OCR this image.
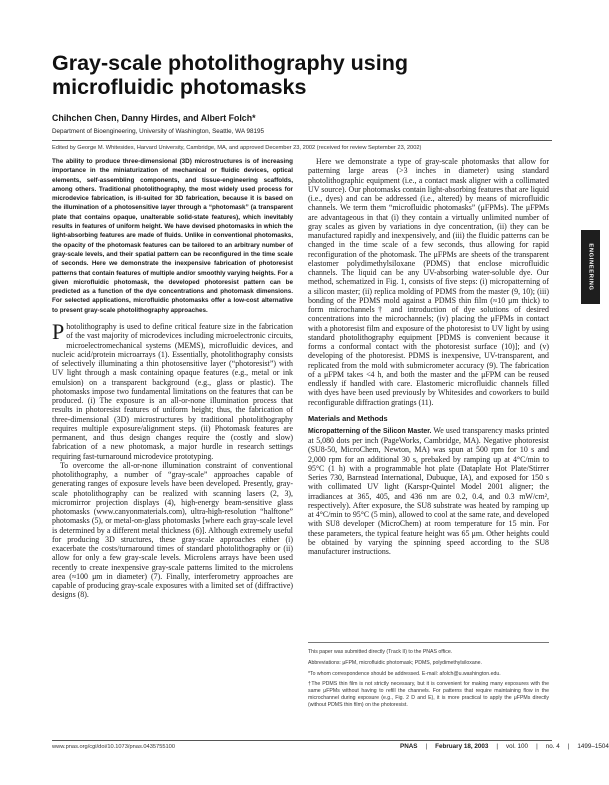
Gray-scale photolithography using microfluidic photomasks
Chihchen Chen, Danny Hirdes, and Albert Folch*
Department of Bioengineering, University of Washington, Seattle, WA 98195
Edited by George M. Whitesides, Harvard University, Cambridge, MA, and approved December 23, 2002 (received for review September 23, 2002)

The ability to produce three-dimensional (3D) microstructures is of increasing importance in the miniaturization of mechanical or fluidic devices, optical elements, self-assembling components, and tissue-engineering scaffolds, among others. Traditional photolithography, the most widely used process for microdevice fabrication, is ill-suited for 3D fabrication, because it is based on the illumination of a photosensitive layer through a “photomask” (a transparent plate that contains opaque, unalterable solid-state features), which inevitably results in features of uniform height. We have devised photomasks in which the light-absorbing features are made of fluids. Unlike in conventional photomasks, the opacity of the photomask features can be tailored to an arbitrary number of gray-scale levels, and their spatial pattern can be reconfigured in the time scale of seconds. Here we demonstrate the inexpensive fabrication of photoresist patterns that contain features of multiple and/or smoothly varying heights. For a given microfluidic photomask, the developed photoresist pattern can be predicted as a function of the dye concentrations and photomask dimensions. For selected applications, microfluidic photomasks offer a low-cost alternative to present gray-scale photolithography approaches.

Photolithography is used to define critical feature size in the fabrication of the vast majority of microdevices including microelectronic circuits, microelectromechanical systems (MEMS), microfluidic devices, and nucleic acid/protein microarrays (1). Essentially, photolithography consists of selectively illuminating a thin photosensitive layer (“photoresist”) with UV light through a mask containing opaque features (e.g., metal or ink emulsion) on a transparent background (e.g., glass or plastic). The photomasks impose two fundamental limitations on the features that can be produced. (i) The exposure is an all-or-none illumination process that results in photoresist features of uniform height; thus, the fabrication of three-dimensional (3D) microstructures by traditional photolithography requires multiple exposure/alignment steps. (ii) Photomask features are permanent, and thus design changes require the (costly and slow) fabrication of a new photomask, a major hurdle in research settings requiring fast-turnaround microdevice prototyping.

To overcome the all-or-none illumination constraint of conventional photolithography, a number of “gray-scale” approaches capable of generating ranges of exposure levels have been developed. Presently, gray-scale photolithography can be realized with scanning lasers (2, 3), micromirror projection displays (4), high-energy beam-sensitive glass photomasks (www.canyonmaterials.com), ultra-high-resolution “halftone” photomasks (5), or metal-on-glass photomasks [where each gray-scale level is determined by a different metal thickness (6)]. Although extremely useful for producing 3D structures, these gray-scale approaches either (i) exacerbate the costs/turnaround times of standard photolithography or (ii) allow for only a few gray-scale levels. Microlens arrays have been used recently to create inexpensive gray-scale patterns limited to the microlens area (≈100 μm in diameter) (7). Finally, interferometry approaches are capable of producing gray-scale exposures with a limited set of (diffractive) designs (8).

Here we demonstrate a type of gray-scale photomasks that allow for patterning large areas (>3 inches in diameter) using standard photolithographic equipment (i.e., a contact mask aligner with a collimated UV source). Our photomasks contain light-absorbing features that are liquid (i.e., dyes) and can be addressed (i.e., altered) by means of microfluidic channels. We term them “microfluidic photomasks” (μFPMs). The μFPMs are advantageous in that (i) they contain a virtually unlimited number of gray scales as given by variations in dye concentration, (ii) they can be manufactured rapidly and inexpensively, and (iii) the fluidic patterns can be changed in the time scale of a few seconds, thus allowing for rapid reconfiguration of the photomask. The μFPMs are sheets of the transparent elastomer polydimethylsiloxane (PDMS) that enclose microfluidic channels. The liquid can be any UV-absorbing water-soluble dye. Our method, schematized in Fig. 1, consists of five steps: (i) micropatterning of a silicon master; (ii) replica molding of PDMS from the master (9, 10); (iii) bonding of the PDMS mold against a PDMS thin film (≈10 μm thick) to form microchannels† and introduction of dye solutions of desired concentrations into the microchannels; (iv) placing the μFPMs in contact with a photoresist film and exposure of the photoresist to UV light by using standard photolithography equipment [PDMS is convenient because it forms a conformal contact with the photoresist surface (10)]; and (v) developing of the photoresist. PDMS is inexpensive, UV-transparent, and replicated from the mold with submicrometer accuracy (9). The fabrication of a μFPM takes <4 h, and both the master and the μFPM can be reused endlessly if handled with care. Elastomeric microfluidic channels filled with dyes have been used previously by Whitesides and coworkers to build reconfigurable diffraction gratings (11).

Materials and Methods

Micropatterning of the Silicon Master. We used transparency masks printed at 5,080 dots per inch (PageWorks, Cambridge, MA). Negative photoresist (SU8-50, MicroChem, Newton, MA) was spun at 500 rpm for 10 s and 2,000 rpm for an additional 30 s, prebaked by ramping up at 4°C/min to 95°C (1 h) with a programmable hot plate (Dataplate Hot Plate/Stirrer Series 730, Barnstead International, Dubuque, IA), and exposed for 150 s with collimated UV light (Karspr-Quintel Model 2001 aligner; the irradiances at 365, 405, and 436 nm are 0.2, 0.4, and 0.3 mW/cm², respectively). After exposure, the SU8 substrate was heated by ramping up at 4°C/min to 95°C (5 min), allowed to cool at the same rate, and developed with SU8 developer (MicroChem) at room temperature for 15 min. For these parameters, the typical feature height was 65 μm. Other heights could be obtained by varying the spinning speed according to the SU8 manufacturer instructions.

This paper was submitted directly (Track II) to the PNAS office.

Abbreviations: μFPM, microfluidic photomask; PDMS, polydimethylsiloxane.

*To whom correspondence should be addressed. E-mail: afolch@u.washington.edu.

†The PDMS thin film is not strictly necessary, but it is convenient for making many exposures with the same μFPMs without having to refill the channels. For patterns that require maintaining flow in the microchannel during exposure (e.g., Fig. 2 D and E), it is more practical to apply the μFPMs directly (without PDMS thin film) on the photoresist.

ENGINEERING
www.pnas.org/cgi/doi/10.1073/pnas.0435755100	PNAS | February 18, 2003 | vol. 100 | no. 4 | 1499–1504
